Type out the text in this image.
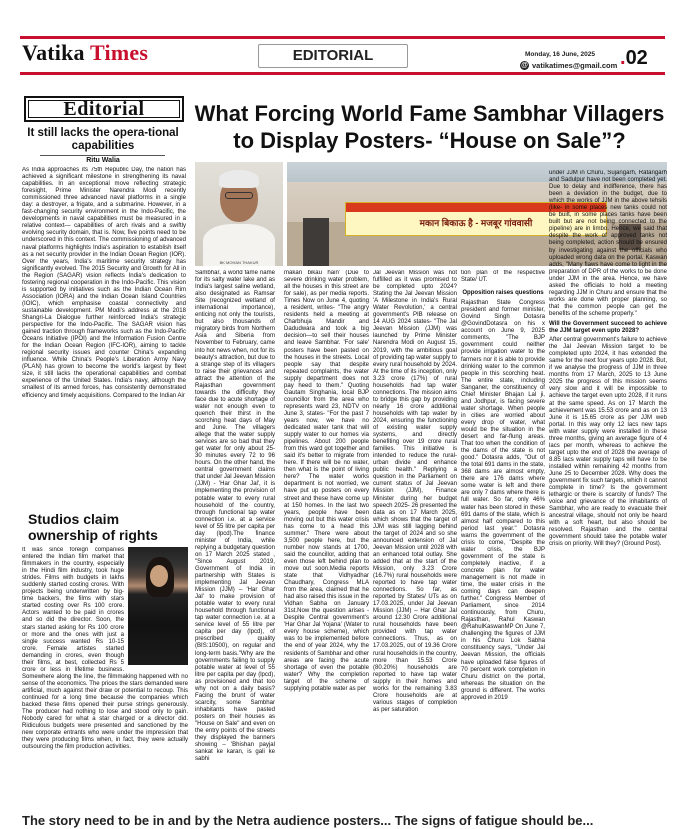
Vatika Times	EDITORIAL	Monday, 16 June, 2025
@ vatikatimes@gmail.com .02
Editorial
It still lacks the opera-tional capabilities
Ritu Walia
As India approaches its 75th Republic Day, the nation has achieved a significant milestone in strengthening its naval capabilities. In an exceptional move reflecting strategic foresight, Prime Minister Narendra Modi recently commissioned three advanced naval platforms in a single day: a destroyer, a frigate, and a submarine. However, in a fast-changing security environment in the Indo-Pacific, the developments in naval capabilities must be measured in a relative context— capabilities of arch rivals and a swiftly evolving security domain, that is. Now, five points need to be underscored in this context. The commissioning of advanced naval platforms highlights India's aspiration to establish itself as a net security provider in the Indian Ocean Region (IOR). Over the years, India's maritime security strategy has significantly evolved. The 2015 Security and Growth for All in the Region (SAGAR) vision reflects India's dedication to fostering regional cooperation in the Indo-Pacific. This vision is supported by initiatives such as the Indian Ocean Rim Association (IORA) and the Indian Ocean Island Countries (IOIC), which emphasise coastal connectivity and sustainable development. PM Modi's address at the 2018 Shangri-La Dialogue further reinforced India's strategic perspective for the Indo-Pacific. The SAGAR vision has gained traction through frameworks such as the Indo-Pacific Oceans Initiative (IPOI) and the Information Fusion Centre for the Indian Ocean Region (IFC-IOR), aiming to tackle regional security issues and counter China's expanding influence. While China's People's Liberation Army Navy (PLAN) has grown to become the world's largest by fleet size, it still lacks the operational capabilities and combat experience of the United States. India's navy, although the smallest of its armed forces, has consistently demonstrated efficiency and timely acquisitions. Compared to the Indian Air
Studios claim ownership of rights
It was since foreign companies entered the Indian film market that filmmakers in the country, especially in the Hindi film industry, took huge strides. Films with budgets in lakhs suddenly started costing crores. With projects being underwritten by big-time backers, the films with stars started costing over Rs 100 crore. Actors wanted to be paid in crores and so did the director. Soon, the stars started asking for Rs 100 crore or more and the ones with just a single success wanted Rs 10-15 crore. Female artistes started demanding in crores, even though their films, at best, collected Rs 5 crore or less in lifetime business. Somewhere along the line, the filmmaking happened with no sense of the economics. The prices the stars demanded were artificial, much against their draw or potential to recoup. This continued for a long time because the companies which backed these films opened their purse strings generously. The producer had nothing to lose and stood only to gain. Nobody cared for what a star charged or a director did. Ridiculous budgets were presented and sanctioned by the new corporate entrants who were under the impression that they were producing films when, in fact, they were actually outsourcing the film production activities.
The story need to be in and by the Netra audience posters... The signs of fatigue should be...
What Forcing World Fame Sambhar Villagers to Display Posters- “House on Sale”?
BK MOHAN THAKUR
मकान बिकाऊ है - मजबूर गांववासी
Sambhar, a world fame name for its salty water lake and as India's largest saline wetland, also designated as Ramsar Site (recognized wetland of international importance), enticing not only the tourists, but also thousands of migratory birds from Northern Asia and Siberia from November to February, came into hot news when, not for its beauty's attraction, but due to a strange step of its villagers to raise their grievances and attract the attention of the Rajasthan government towards the difficulty they face due to acute shortage of water not enough even to quench their thirst in the scorching heat days of May and June. The villagers allege that the water supply services are so bad that they get water for only about 25-30 minutes every 72 to 96 hours. On the other hand, the central government claims that under Jal Jeevan Mission (JJM) - 'Har Ghar Jal', it is implementing the provision of potable water to every rural household of the country, through functional tap water connection i.e. at a service level of 55 litre per capita per day (lpcd).The finance minister of India, while replying a budgetary question on 17 March 2025 stated , "Since August 2019, Government of India in partnership with States is implementing Jal Jeevan Mission (JJM) – 'Har Ghar Jal' to make provision of potable water to every rural household through functional tap water connection i.e. at a service level of 55 litre per capita per day (lpcd), of prescribed quality (BIS:10500), on regular and long-term basis."Why are the governments failing to supply potable water at level of 55 litre per capita per day (lpcd), as provisioned and that too why not on a daily basis? Facing the brunt of water scarcity, some Sambhar inhabitants have pasted posters on their houses as "House on Sale" and even on the entry points of the streets they displayed the banners showing – 'Bhishan payjal sankat ke karan, is gali ke sabhi
makan bikau hain' (Due to severe drinking water problem, all the houses in this street are for sale), as per media reports. Times Now on June 4, quoting a resident, writes- "The angry residents held a meeting at Charbhuja Mandir and Dadudwara and took a big decision—to sell their houses and leave Sambhar. 'For sale' posters have been pasted on the houses in the streets. Local people say that despite repeated complaints, the water supply department does not pay heed to them." Quoting Gautam Singhania, local BJP councillor from the area who represents ward 23, NDTV on June 3, states- "For the past 7 years now, we have no dedicated water tank that will supply water to our homes via pipelines. About 200 people from this ward got together and said it's better to migrate from here. If there will be no water, then what is the point of living here? The water works department is not worried, we have put up posters on every street and these have come up at 150 homes. In the last two years, people have been moving out but this water crisis has come to a head this summer." There were about 3,500 people here, but the number now stands at 1700, said the councillor, adding that even those left behind plan to move out soon.Media reports state that Vidhyadhar Chaudhary, Congress MLA from the area, claimed that he had also raised this issue in the Vidhan Sabha on January 31st.Now the question arises -Despite Central government's 'Har Ghar Jal Yojana' (Water to every house scheme), which was to be implemented before the end of year 2024, why the residents of Sambhar and other areas are facing the acute shortage of even the potable water? Why the completion target of the scheme of supplying potable water as per
Jal Jeevan Mission was not fulfilled as it was promised to be completed upto 2024? Stating the Jal Jeevan Mission 'A Milestone in India's Rural Water Revolution,' a central government's PIB release on 14 AUG 2024 states- "The Jal Jeevan Mission (JJM) was launched by Prime Minister Narendra Modi on August 15, 2019, with the ambitious goal of providing tap water supply to every rural household by 2024. At the time of its inception, only 3.23 crore (17%) of rural households had tap water connections. The mission aims to bridge this gap by providing nearly 16 crore additional households with tap water by 2024, ensuring the functioning of existing water supply systems, and directly benefiting over 19 crore rural families. This initiative is intended to reduce the rural-urban divide and enhance public health." Replying a question in the Parliament on current status of Jal Jeevan Mission (JJM), Finance Minister during her budget speech 2025- 26 presented the data as on 17 March 2025, which shows that the target of JJM was still lagging behind the target of 2024 and so she announced extension of Jal Jeevan Mission until 2028 with an enhanced total outlay. She added that at the start of the Mission, only 3.23 Crore (16.7%) rural households were reported to have tap water connections. So far, as reported by States/ UTs as on 17.03.2025, under Jal Jeevan Mission (JJM) – Har Ghar Jal around 12.30 Crore additional rural households have been provided with tap water connections. Thus, as on 17.03.2025, out of 19.36 Crore rural households in the country, more than 15.53 Crore (80.20%) households are reported to have tap water supply in their homes and works for the remaining 3.83 Crore households are at various stages of completion as per saturation
tion plan of the respective State/ UT.
Opposition raises questions
Rajasthan State Congress president and former minister, Govind Singh Dotasra @GovindDotasra on his x account on June 9, 2025 comments, "The BJP government could neither provide irrigation water to the farmers nor it is able to provide drinking water to the common people in this scorching heat. The entire state, including Sanganer, the constituency of Chief Minister Bhajan Lal ji, and Jodhpur, is facing severe water shortage. When people in cities are worried about every drop of water, what would be the situation in the desert and far-flung areas. That too when the condition of the dams of the state is not good." Dotasra adds, "Out of the total 691 dams in the state, 368 dams are almost empty, there are 176 dams where some water is left and there are only 7 dams where there is full water. So far, only 46% water has been stored in these 691 dams of the state, which is almost half compared to this period last year." Dotasra warns the government of the crisis to come, "Despite the water crisis, the BJP government of the state is completely inactive, if a concrete plan for water management is not made in time, the water crisis in the coming days can deepen further." Congress Member of Parliament, since 2014 continuously, from Churu, Rajasthan, Rahul Kaswan @RahulKaswanMP On June 7, challenging the figures of JJM in his Churu Lok Sabha constituency says, "Under Jal Jeevan Mission, the officials have uploaded false figures of 70 percent work completion in Churu district on the portal, whereas the situation on the ground is different. The works approved in 2019
under JJM in Churu, Sujangarh, Ratangarh and Sadulpur have not been completed yet. Due to delay and indifference, there has been a deviation in the budget, due to which the works of JJM in the above tehsils (like- in some places new tanks could not be built, in some places tanks have been built but are not being connected to the pipeline) are in limbo. Hence, we said that despite the work of approved tanks not being completed, action should be ensured by investigating against the officials who uploaded wrong data on the portal. Kaswan adds, "Many flaws have come to light in the preparation of DPR of the works to be done under JJM in the area. Hence, we have asked the officials to hold a meeting regarding JJM in Churu and ensure that the works are done with proper planning, so that the common people can get the benefits of the scheme properly."
Will the Government succeed to achieve the JJM target even upto 2028?
After central government's failure to achieve the Jal Jeevan Mission target to be completed upto 2024, it has extended the same for the next four years upto 2028. But, if we analyse the progress of JJM in three months from 17 March, 2025 to 13 June 2025 the progress of this mission seems very slow and it will be impossible to achieve the target even upto 2028, if it runs at the same speed. As on 17 March the achievement was 15.53 crore and as on 13 June it is 15.65 crore as per JJM web portal. In this way only 12 lacs new taps with water supply were installed in these three months, giving an average figure of 4 lacs per month, whereas to achieve the target upto the end of 2028 the average of 8.85 lacs water supply taps will have to be installed within remaining 42 months from June 25 to December 2028. Why does the government fix such targets, which it cannot complete in time? Is the government lethargic or there is scarcity of funds? The voice and grievance of the inhabitants of Sambhar, who are ready to evacuate their ancestral village, should not only be heard with a soft heart, but also should be resolved. Rajasthan and the central government should take the potable water crisis on priority. Will they? (Ground Post).
